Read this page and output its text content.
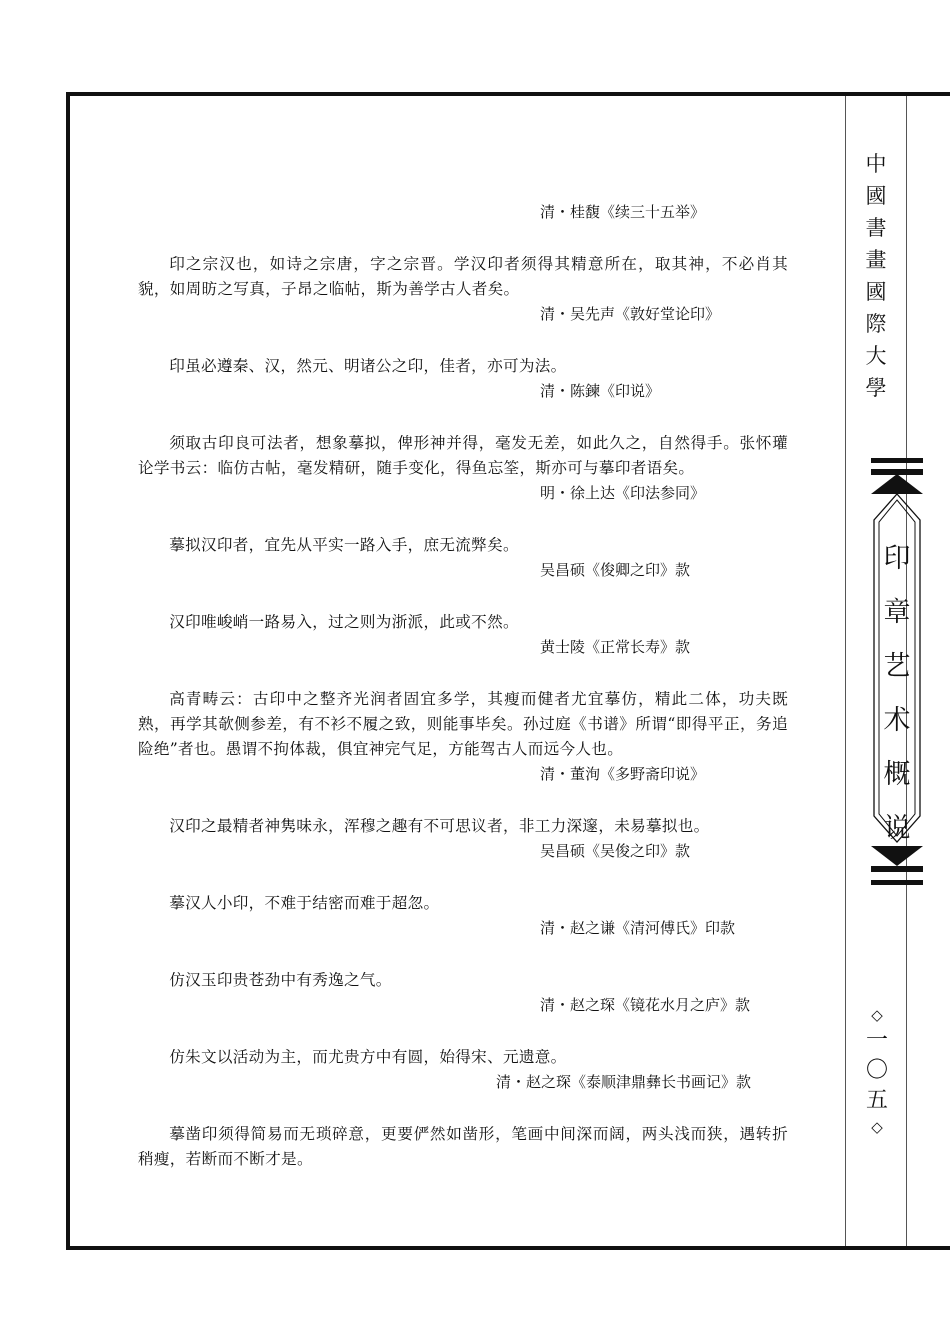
清・桂馥《续三十五举》

印之宗汉也，如诗之宗唐，字之宗晋。学汉印者须得其精意所在，取其神，不必肖其貌，如周昉之写真，子昂之临帖，斯为善学古人者矣。

清・吴先声《敦好堂论印》

印虽必遵秦、汉，然元、明诸公之印，佳者，亦可为法。

清・陈鍊《印说》

须取古印良可法者，想象摹拟，俾形神并得，毫发无差，如此久之，自然得手。张怀瓘论学书云：临仿古帖，毫发精研，随手变化，得鱼忘筌，斯亦可与摹印者语矣。

明・徐上达《印法参同》

摹拟汉印者，宜先从平实一路入手，庶无流弊矣。

吴昌硕《俊卿之印》款

汉印唯峻峭一路易入，过之则为浙派，此或不然。

黄士陵《正常长寿》款

高青畴云：古印中之整齐光润者固宜多学，其瘦而健者尤宜摹仿，精此二体，功夫既熟，再学其欹侧参差，有不衫不履之致，则能事毕矣。孙过庭《书谱》所谓“即得平正，务追险绝”者也。愚谓不拘体裁，俱宜神完气足，方能驾古人而远今人也。

清・董洵《多野斋印说》

汉印之最精者神隽味永，浑穆之趣有不可思议者，非工力深邃，未易摹拟也。

吴昌硕《吴俊之印》款

摹汉人小印，不难于结密而难于超忽。

清・赵之谦《清河傅氏》印款

仿汉玉印贵苍劲中有秀逸之气。

清・赵之琛《镜花水月之庐》款

仿朱文以活动为主，而尤贵方中有圆，始得宋、元遗意。

清・赵之琛《泰顺津鼎彝长书画记》款

摹凿印须得简易而无琐碎意，更要俨然如凿形，笔画中间深而阔，两头浅而狭，遇转折稍瘦，若断而不断才是。

中
國
書
畫
國
際
大
學
印
章
艺
术
概
说
◇
一
〇
五
◇
